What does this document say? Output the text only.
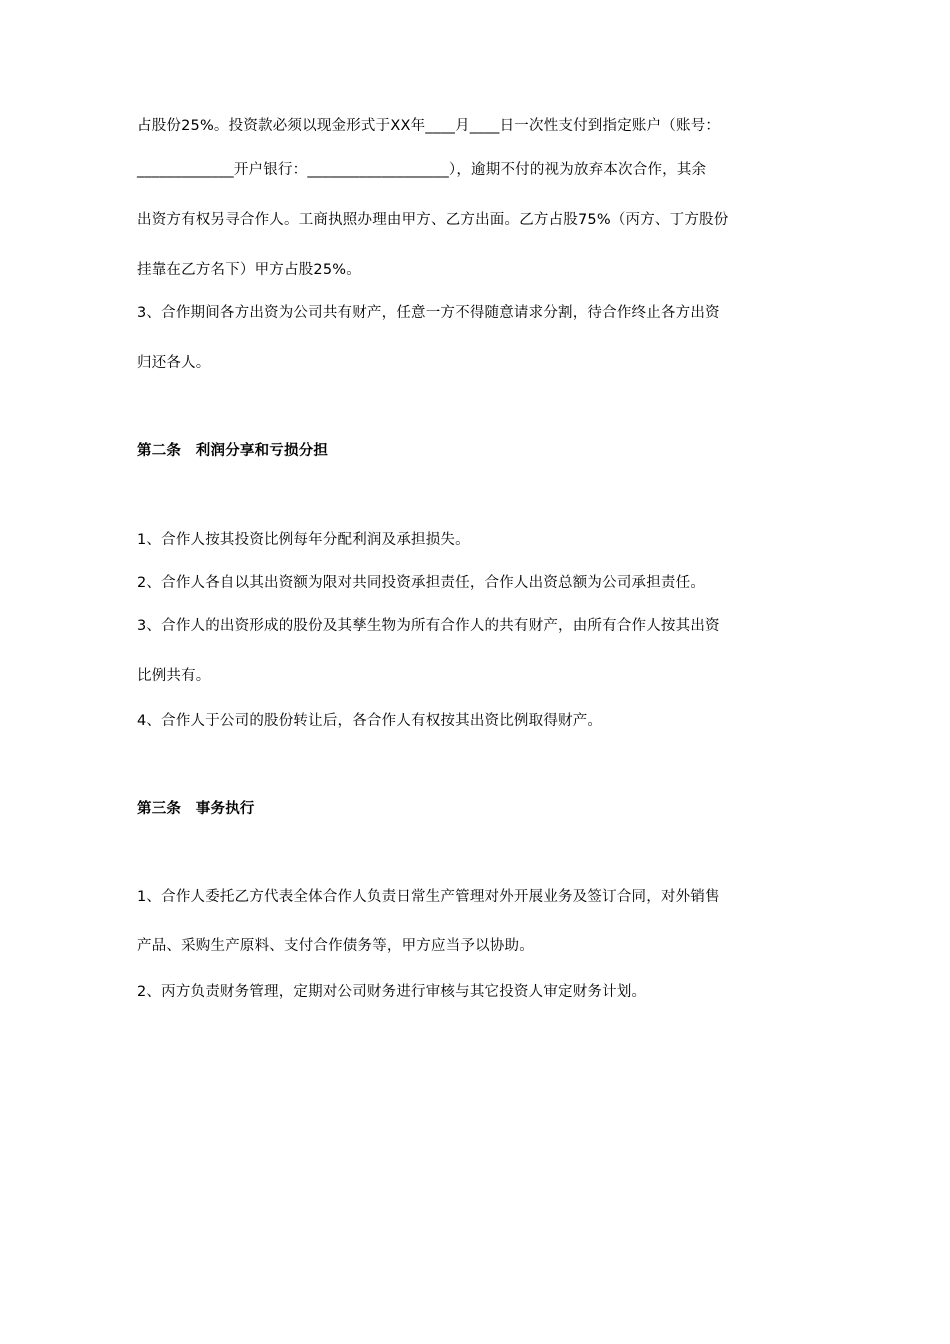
占股份25%。投资款必须以现金形式于XX年____月____日一次性支付到指定账户（账号：
_____________开户银行：___________________），逾期不付的视为放弃本次合作，其余
出资方有权另寻合作人。工商执照办理由甲方、乙方出面。乙方占股75%（丙方、丁方股份
挂靠在乙方名下）甲方占股25%。
3、合作期间各方出资为公司共有财产，任意一方不得随意请求分割，待合作终止各方出资
归还各人。
第二条　利润分享和亏损分担
1、合作人按其投资比例每年分配利润及承担损失。
2、合作人各自以其出资额为限对共同投资承担责任，合作人出资总额为公司承担责任。
3、合作人的出资形成的股份及其孳生物为所有合作人的共有财产，由所有合作人按其出资
比例共有。
4、合作人于公司的股份转让后，各合作人有权按其出资比例取得财产。
第三条　事务执行
1、合作人委托乙方代表全体合作人负责日常生产管理对外开展业务及签订合同，对外销售
产品、采购生产原料、支付合作债务等，甲方应当予以协助。
2、丙方负责财务管理，定期对公司财务进行审核与其它投资人审定财务计划。
